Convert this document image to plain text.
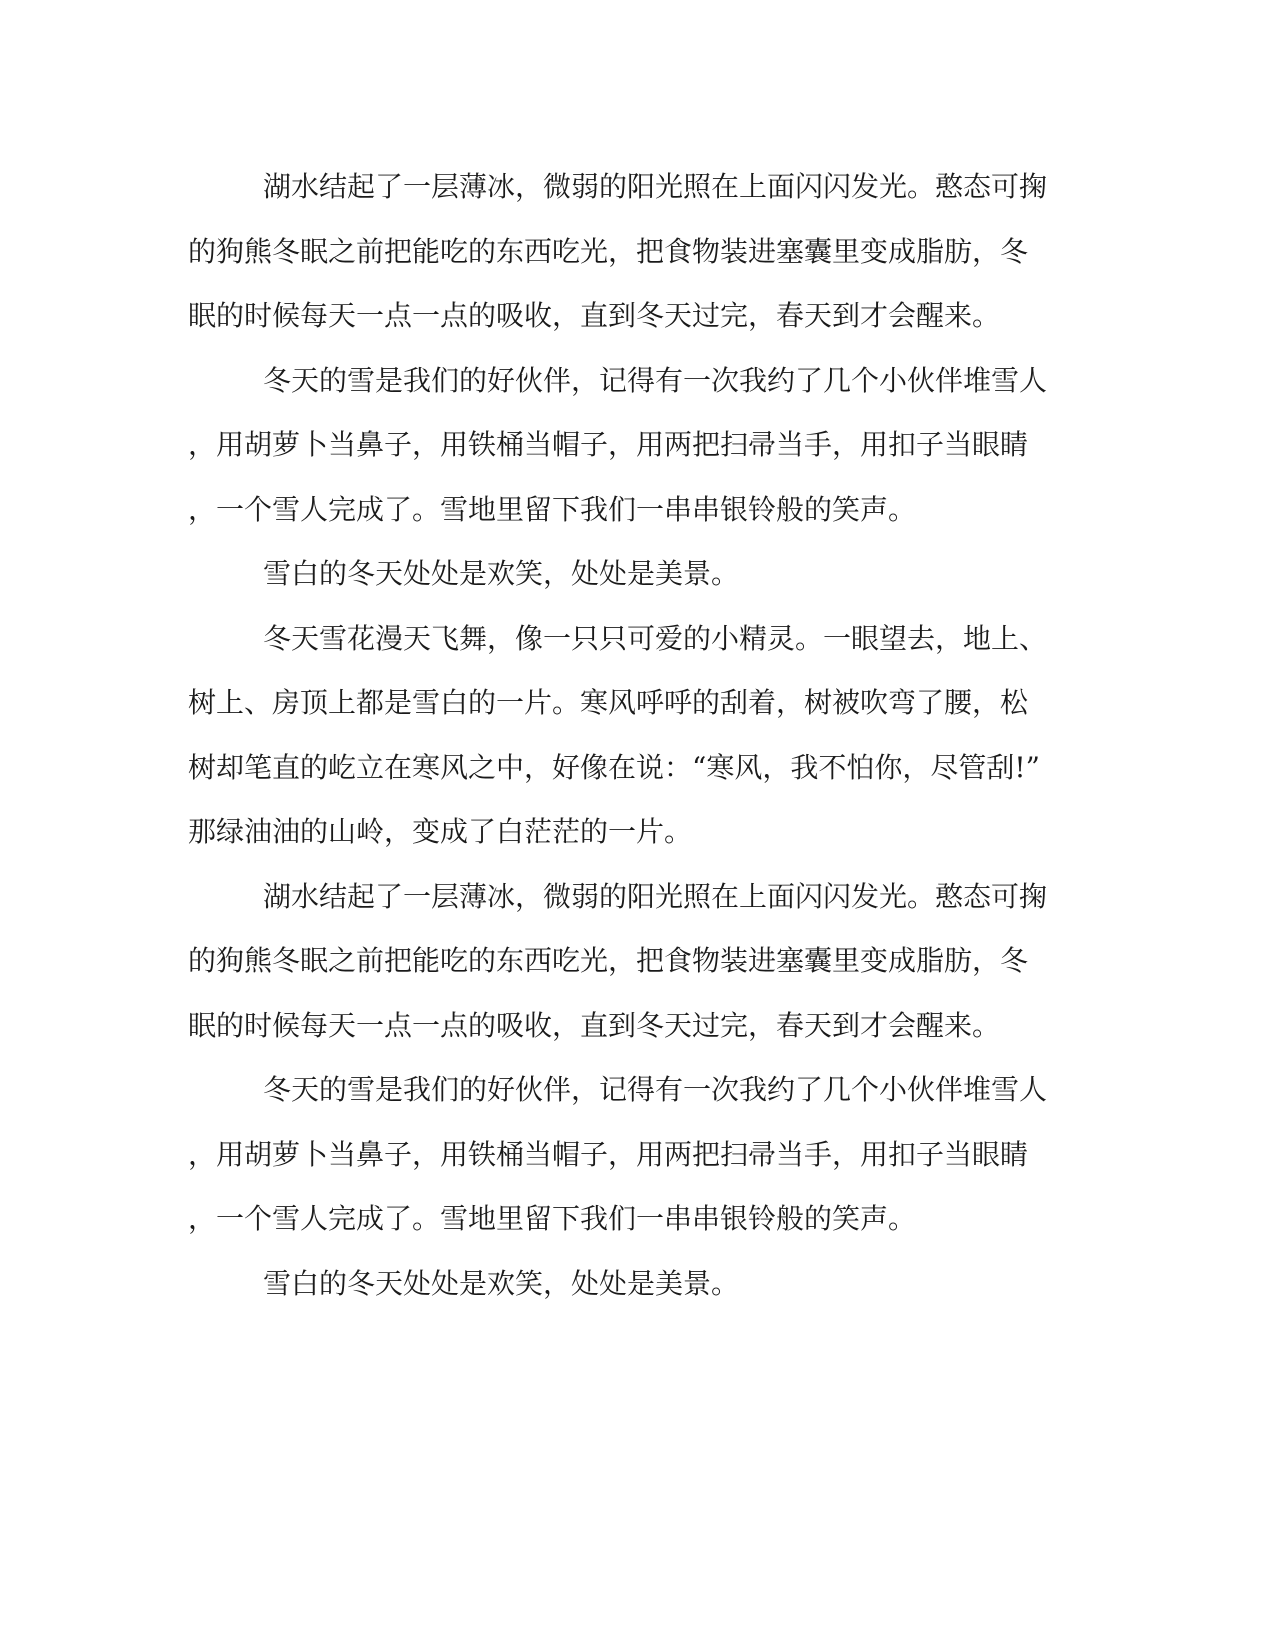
湖水结起了一层薄冰，微弱的阳光照在上面闪闪发光。憨态可掬
的狗熊冬眠之前把能吃的东西吃光，把食物装进塞囊里变成脂肪，冬
眠的时候每天一点一点的吸收，直到冬天过完，春天到才会醒来。
冬天的雪是我们的好伙伴，记得有一次我约了几个小伙伴堆雪人
，用胡萝卜当鼻子，用铁桶当帽子，用两把扫帚当手，用扣子当眼睛
，一个雪人完成了。雪地里留下我们一串串银铃般的笑声。
雪白的冬天处处是欢笑，处处是美景。
冬天雪花漫天飞舞，像一只只可爱的小精灵。一眼望去，地上、
树上、房顶上都是雪白的一片。寒风呼呼的刮着，树被吹弯了腰，松
树却笔直的屹立在寒风之中，好像在说：“寒风，我不怕你，尽管刮!”
那绿油油的山岭，变成了白茫茫的一片。
湖水结起了一层薄冰，微弱的阳光照在上面闪闪发光。憨态可掬
的狗熊冬眠之前把能吃的东西吃光，把食物装进塞囊里变成脂肪，冬
眠的时候每天一点一点的吸收，直到冬天过完，春天到才会醒来。
冬天的雪是我们的好伙伴，记得有一次我约了几个小伙伴堆雪人
，用胡萝卜当鼻子，用铁桶当帽子，用两把扫帚当手，用扣子当眼睛
，一个雪人完成了。雪地里留下我们一串串银铃般的笑声。
雪白的冬天处处是欢笑，处处是美景。
